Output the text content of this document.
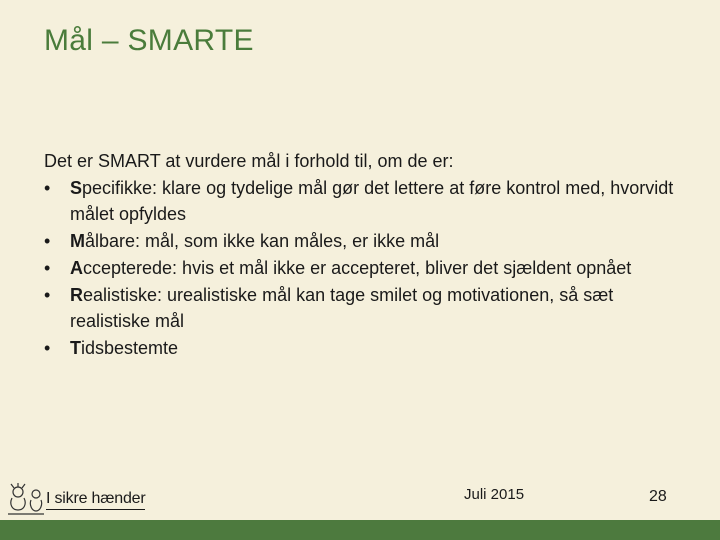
Mål – SMARTE

Det er SMART at vurdere mål i forhold til, om de er:

•	Specifikke: klare og tydelige mål gør det lettere at føre kontrol med, hvorvidt målet opfyldes
•	Målbare: mål, som ikke kan måles, er ikke mål
•	Accepterede: hvis et mål ikke er accepteret, bliver det sjældent opnået
•	Realistiske: urealistiske mål kan tage smilet og motivationen, så sæt realistiske mål
•	Tidsbestemte
I sikre hænder	Juli 2015	28
